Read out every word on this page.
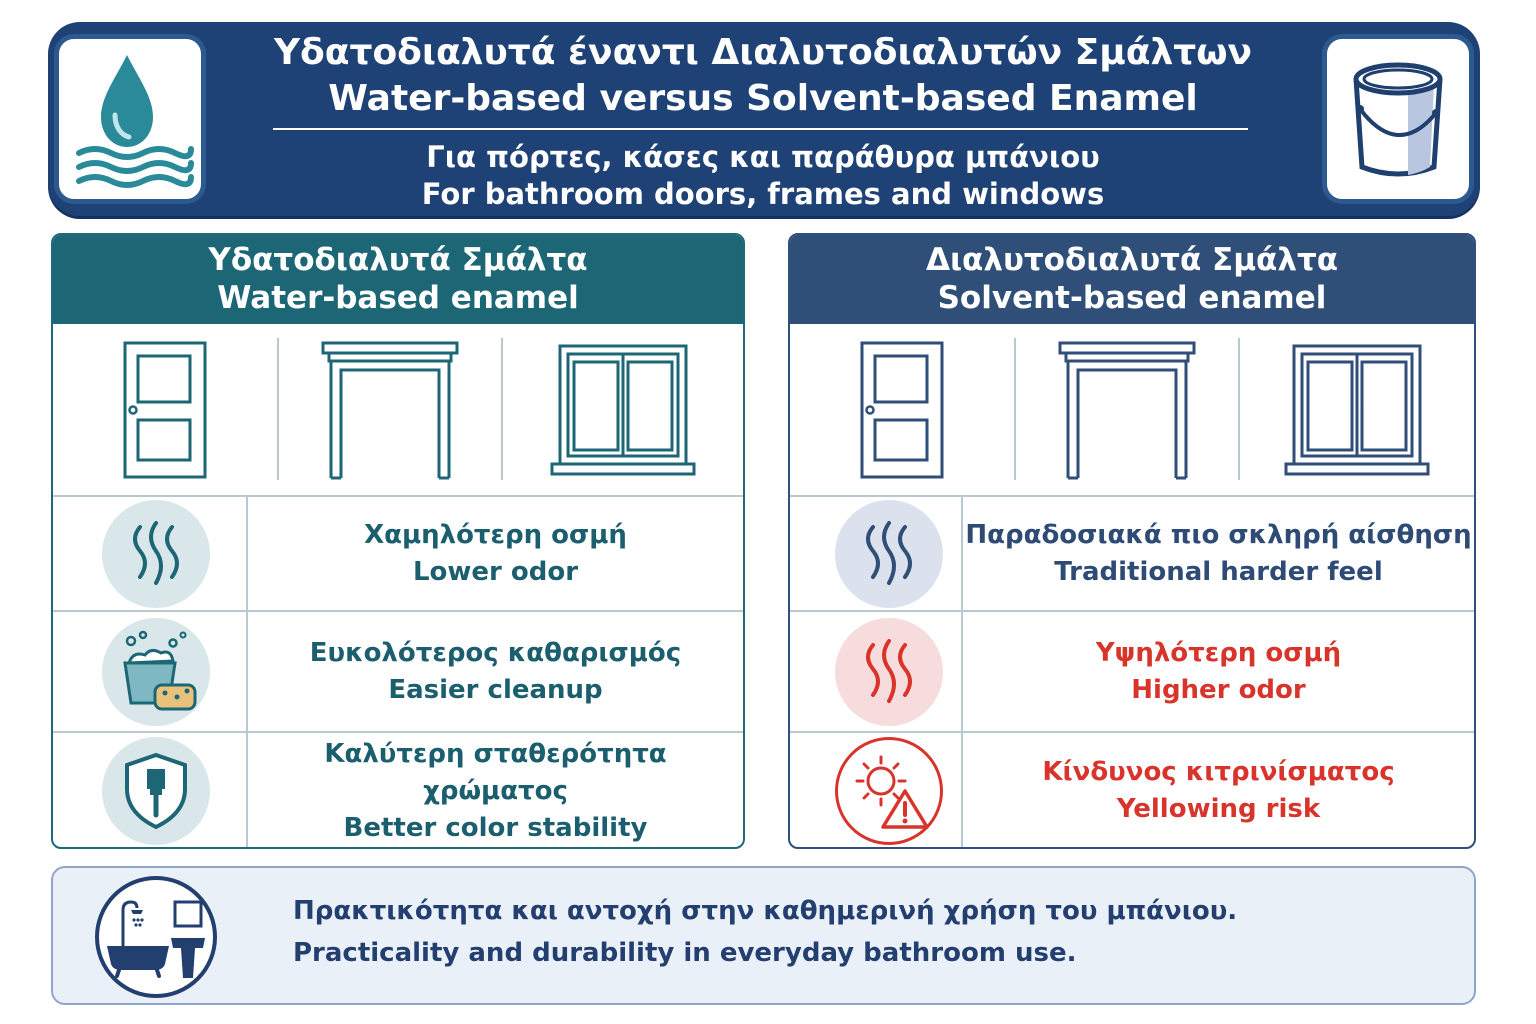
Υδατοδιαλυτά έναντι Διαλυτοδιαλυτών Σμάλτων
Water-based versus Solvent-based Enamel
Για πόρτες, κάσες και παράθυρα μπάνιου
For bathroom doors, frames and windows
Υδατοδιαλυτά Σμάλτα
Water-based enamel
Χαμηλότερη οσμή
Lower odor
Ευκολότερος καθαρισμός
Easier cleanup
Καλύτερη σταθερότητα χρώματος
Better color stability
Διαλυτοδιαλυτά Σμάλτα
Solvent-based enamel
Παραδοσιακά πιο σκληρή αίσθηση
Traditional harder feel
Υψηλότερη οσμή
Higher odor
Κίνδυνος κιτρινίσματος
Yellowing risk
Πρακτικότητα και αντοχή στην καθημερινή χρήση του μπάνιου.
Practicality and durability in everyday bathroom use.
